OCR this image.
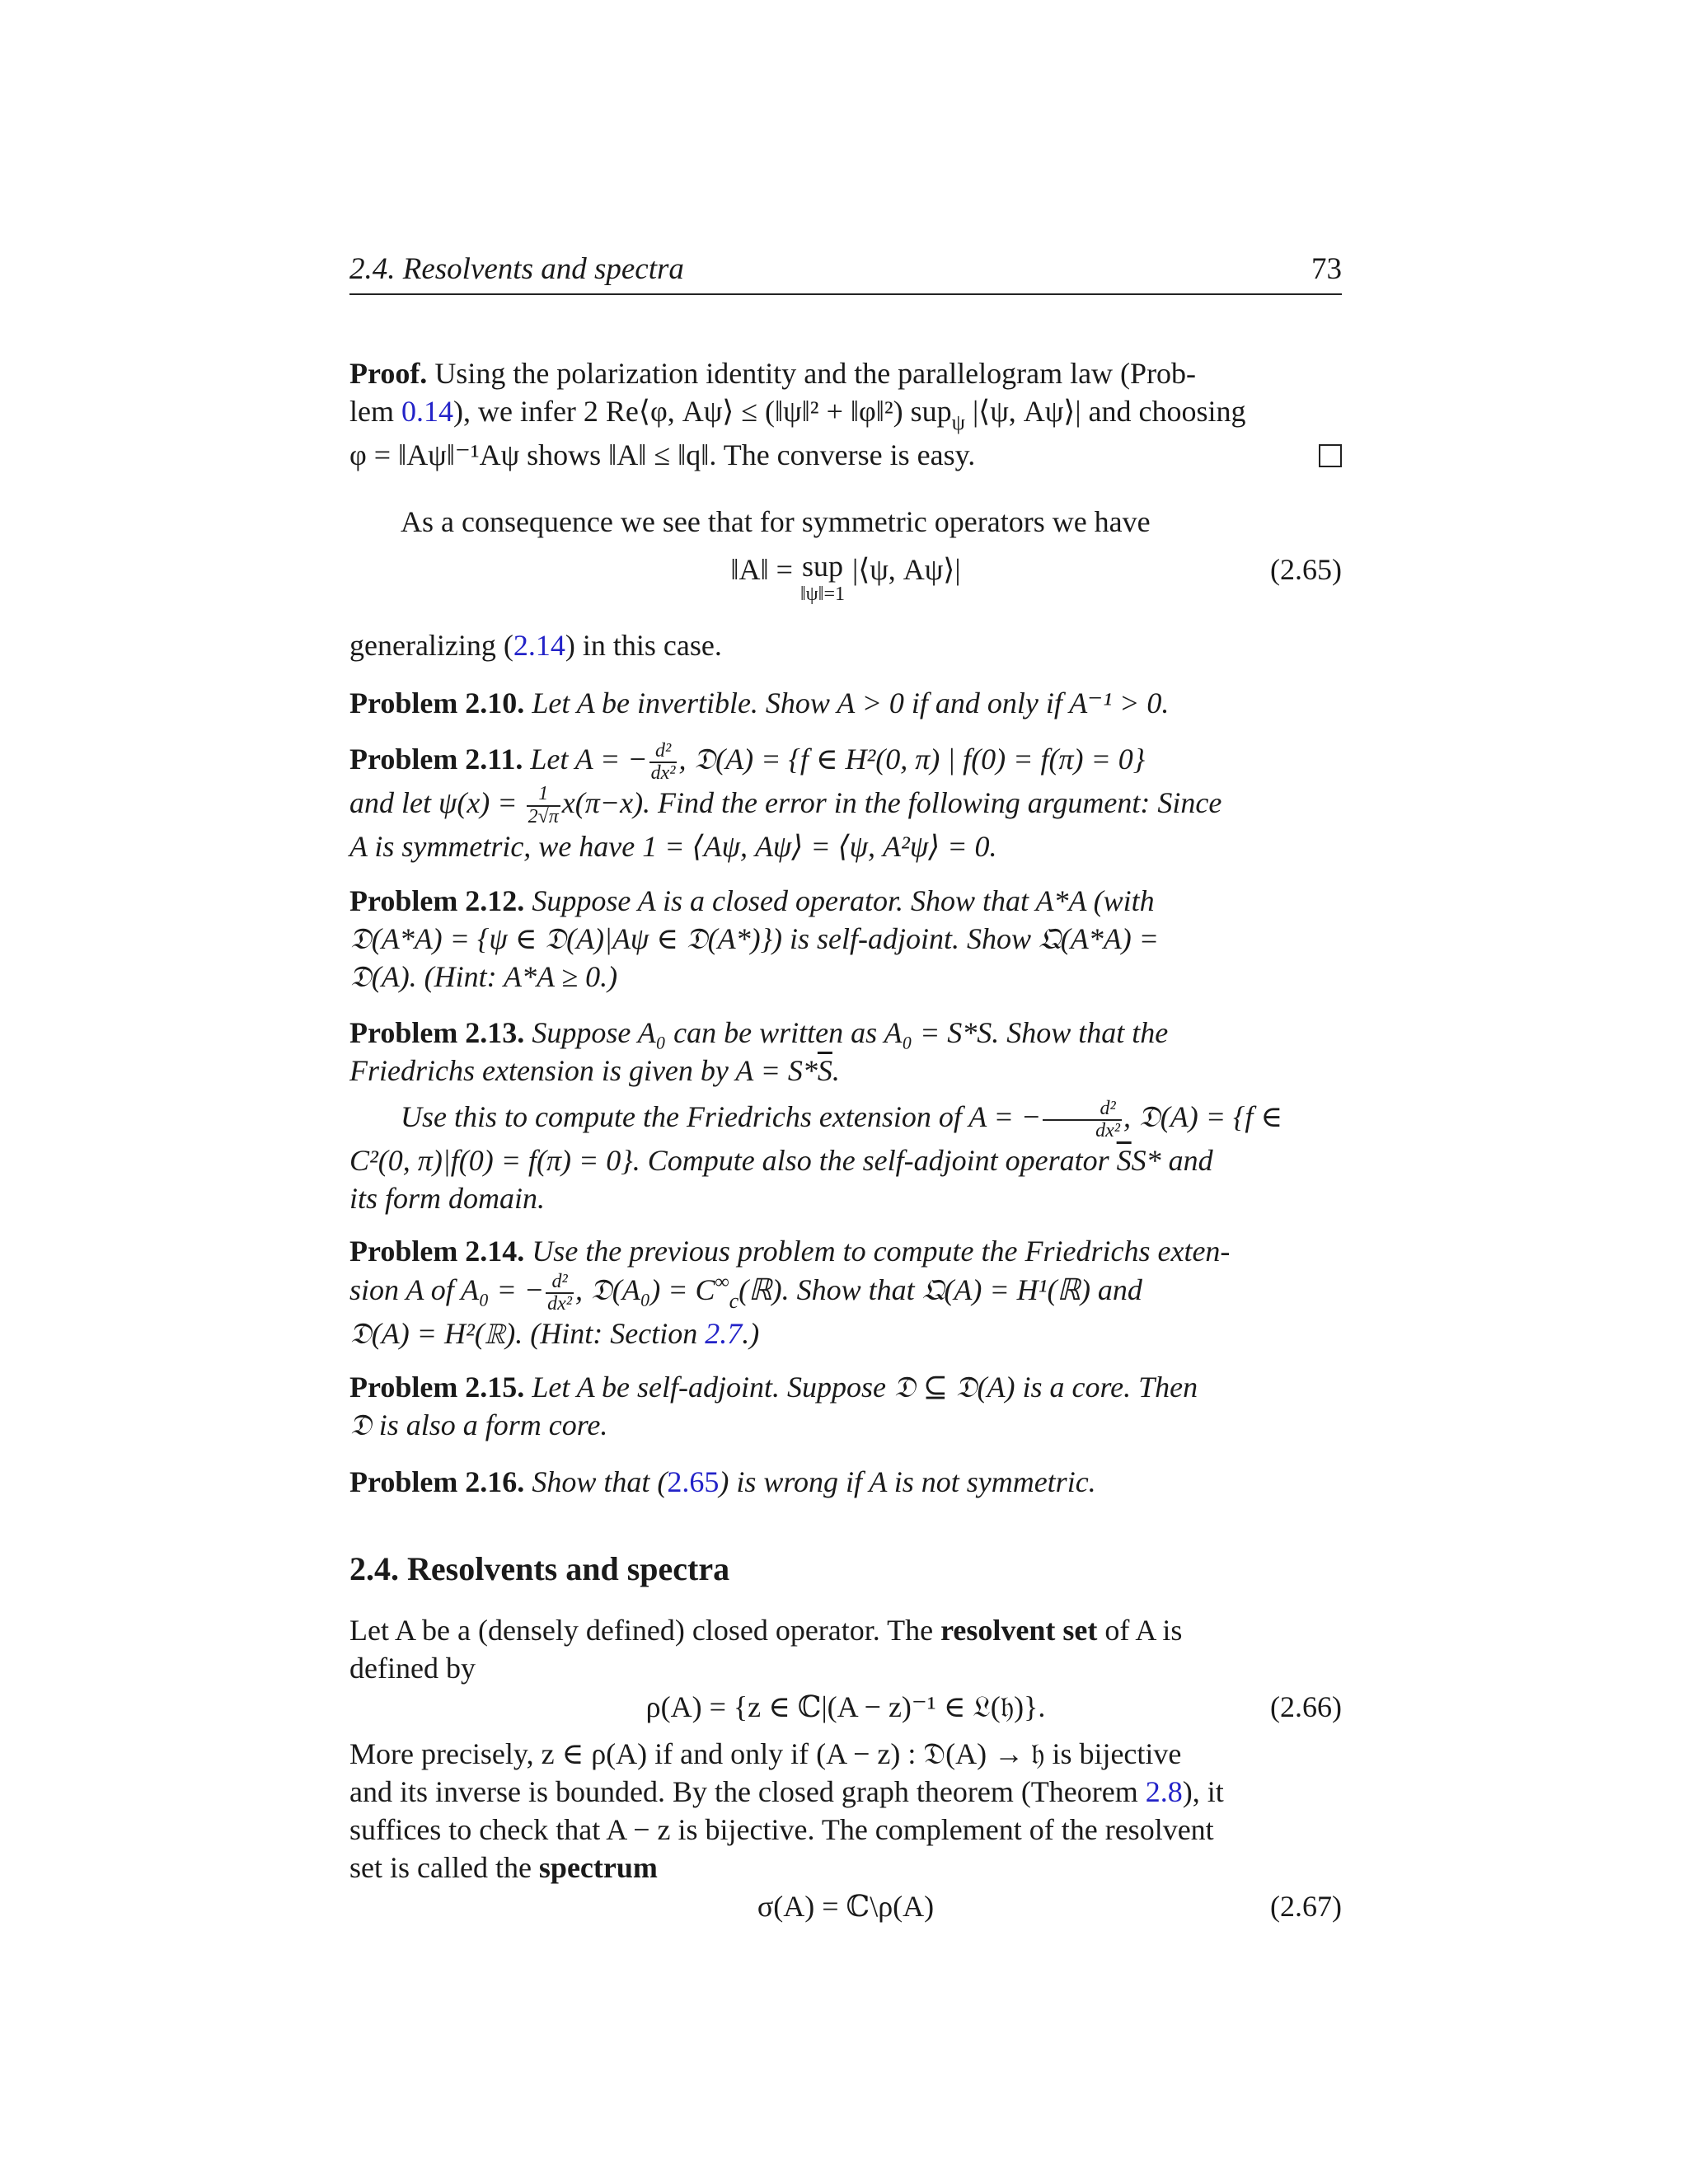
2.4. Resolvents and spectra	73

Proof. Using the polarization identity and the parallelogram law (Prob-

lem 0.14), we infer 2 Re⟨φ, Aψ⟩ ≤ (‖ψ‖² + ‖φ‖²) sup$_\psi$ |⟨ψ, Aψ⟩| and choosing

φ = ‖Aψ‖⁻¹Aψ shows ‖A‖ ≤ ‖q‖. The converse is easy.

As a consequence we see that for symmetric operators we have

‖A‖ = sup
‖ψ‖=1
|⟨ψ, Aψ⟩|	(2.65)

generalizing (2.14) in this case.

Problem 2.10. Let A be invertible. Show A > 0 if and only if A⁻¹ > 0.

Problem 2.11. Let A = − $\frac{\text{d²}}{\text{dx²}}$ , 𝔇(A) = {f ∈ H²(0, π) | f(0) = f(π) = 0}

and let $\psi(x) = \frac{1}{2√\pi} x(\pi-x)$. Find the error in the following argument: Since

A is symmetric, we have 1 = ⟨Aψ, Aψ⟩ = ⟨ψ, A²ψ⟩ = 0.

Problem 2.12. Suppose A is a closed operator. Show that A*A (with

𝔇(A*A) = {ψ ∈ 𝔇(A)|Aψ ∈ 𝔇(A*)}) is self-adjoint. Show 𝔔(A*A) =

𝔇(A). (Hint: A*A ≥ 0.)

Problem 2.13. Suppose A₀ can be written as A₀ = S*S. Show that the

Friedrichs extension is given by $A = S*\overline{S}$.

Use this to compute the Friedrichs extension of A = − $\frac{\text{d²}}{\text{dx²}}$ , 𝔇(A) = {f ∈

C²(0, π)|f(0) = f(π) = 0}. Compute also the self-adjoint operator $\overline{S}S*$ and

its form domain.

Problem 2.14. Use the previous problem to compute the Friedrichs exten-

sion A of A₀ = − $\frac{\text{d²}}{\text{dx²}}$ , 𝔇(A₀) = $C^\infty_c(ℝ)$. Show that 𝔔(A) = H¹(ℝ) and

𝔇(A) = H²(ℝ). (Hint: Section 2.7.)

Problem 2.15. Let A be self-adjoint. Suppose 𝔇 ⊆ 𝔇(A) is a core. Then

𝔇 is also a form core.

Problem 2.16. Show that (2.65) is wrong if A is not symmetric.

2.4. Resolvents and spectra

Let A be a (densely defined) closed operator. The resolvent set of A is

defined by

ρ(A) = {z ∈ ℂ|(A − z)⁻¹ ∈ 𝔏(𝔥)}.	(2.66)

More precisely, z ∈ ρ(A) if and only if (A − z) : 𝔇(A) → 𝔥 is bijective

and its inverse is bounded. By the closed graph theorem (Theorem 2.8), it

suffices to check that A − z is bijective. The complement of the resolvent

set is called the spectrum

σ(A) = ℂ\ρ(A)	(2.67)
